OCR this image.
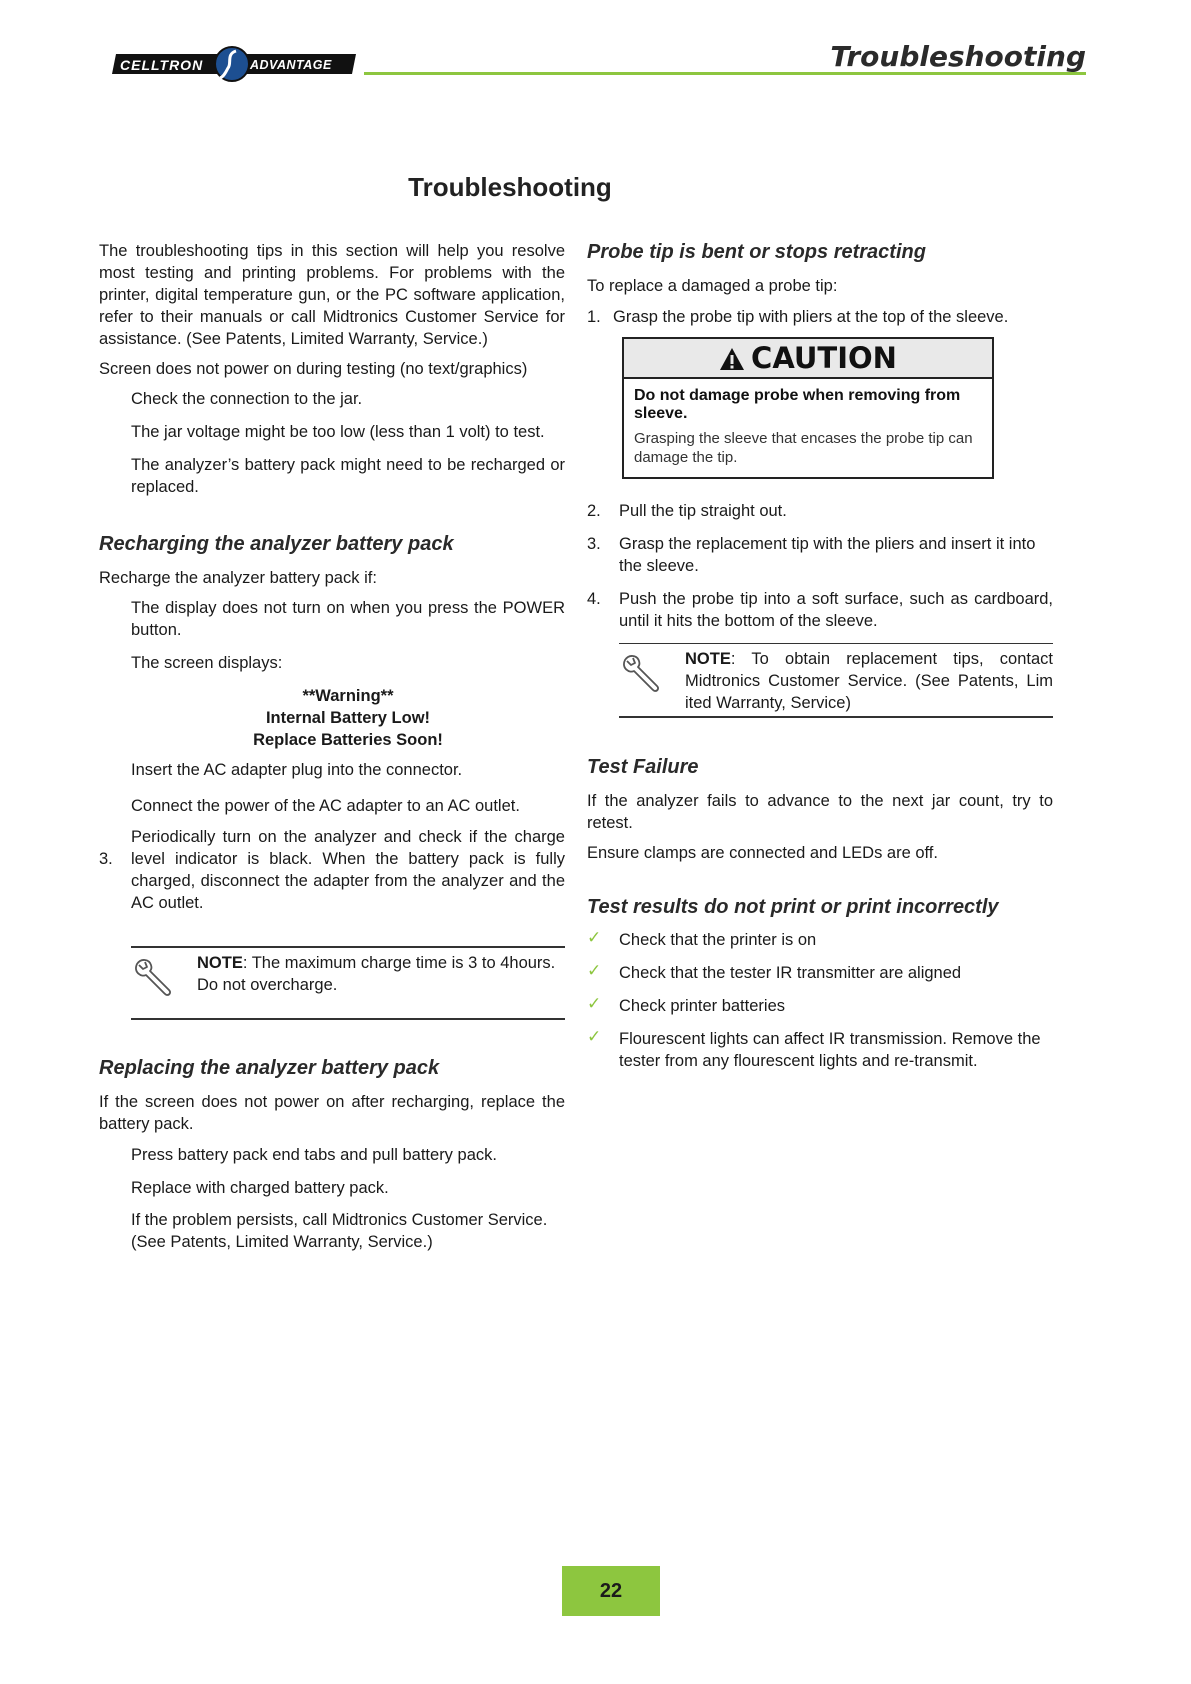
CELLTRON	ADVANTAGE	Troubleshooting
Troubleshooting
The troubleshooting tips in this section will help you resolve most testing and printing problems. For problems with the printer, digital temperature gun, or the PC software application, refer to their manuals or call Midtronics Customer Service for assistance. (See Patents, Limited Warranty, Service.)
Screen does not power on during testing (no text/graphics)
Check the connection to the jar.
The jar voltage might be too low (less than 1 volt) to test.
The analyzer’s battery pack might need to be recharged or replaced.
Recharging the analyzer battery pack
Recharge the analyzer battery pack if:
The display does not turn on when you press the POWER button.
The screen displays:
**Warning**
Internal Battery Low!
Replace Batteries Soon!
Insert the AC adapter plug into the connector.
Connect the power of the AC adapter to an AC outlet.
3.
Periodically turn on the analyzer and check if the charge level indicator is black. When the battery pack is fully charged, disconnect the adapter from the analyzer and the AC outlet.
NOTE: The maximum charge time is 3 to 4hours. Do not overcharge.
Replacing the analyzer battery pack
If the screen does not power on after recharging, replace the battery pack.
Press battery pack end tabs and pull battery pack.
Replace with charged battery pack.
If the problem persists, call Midtronics Customer Service. (See Patents, Limited Warranty, Service.)
Probe tip is bent or stops retracting
To replace a damaged a probe tip:
1. Grasp the probe tip with pliers at the top of the sleeve.
CAUTION
Do not damage probe when removing from sleeve.
Grasping the sleeve that encases the probe tip can damage the tip.
2. Pull the tip straight out.
3. Grasp the replacement tip with the pliers and insert it into the sleeve.
4. Push the probe tip into a soft surface, such as cardboard, until it hits the bottom of the sleeve.
NOTE: To obtain replacement tips, contact Midtronics Customer Service. (See Patents, Lim ited Warranty, Service)
Test Failure
If the analyzer fails to advance to the next jar count, try to retest.
Ensure clamps are connected and LEDs are off.
Test results do not print or print incorrectly
✓ Check that the printer is on
✓ Check that the tester IR transmitter are aligned
✓ Check printer batteries
✓ Flourescent lights can affect IR transmission. Remove the tester from any flourescent lights and re-transmit.
22
